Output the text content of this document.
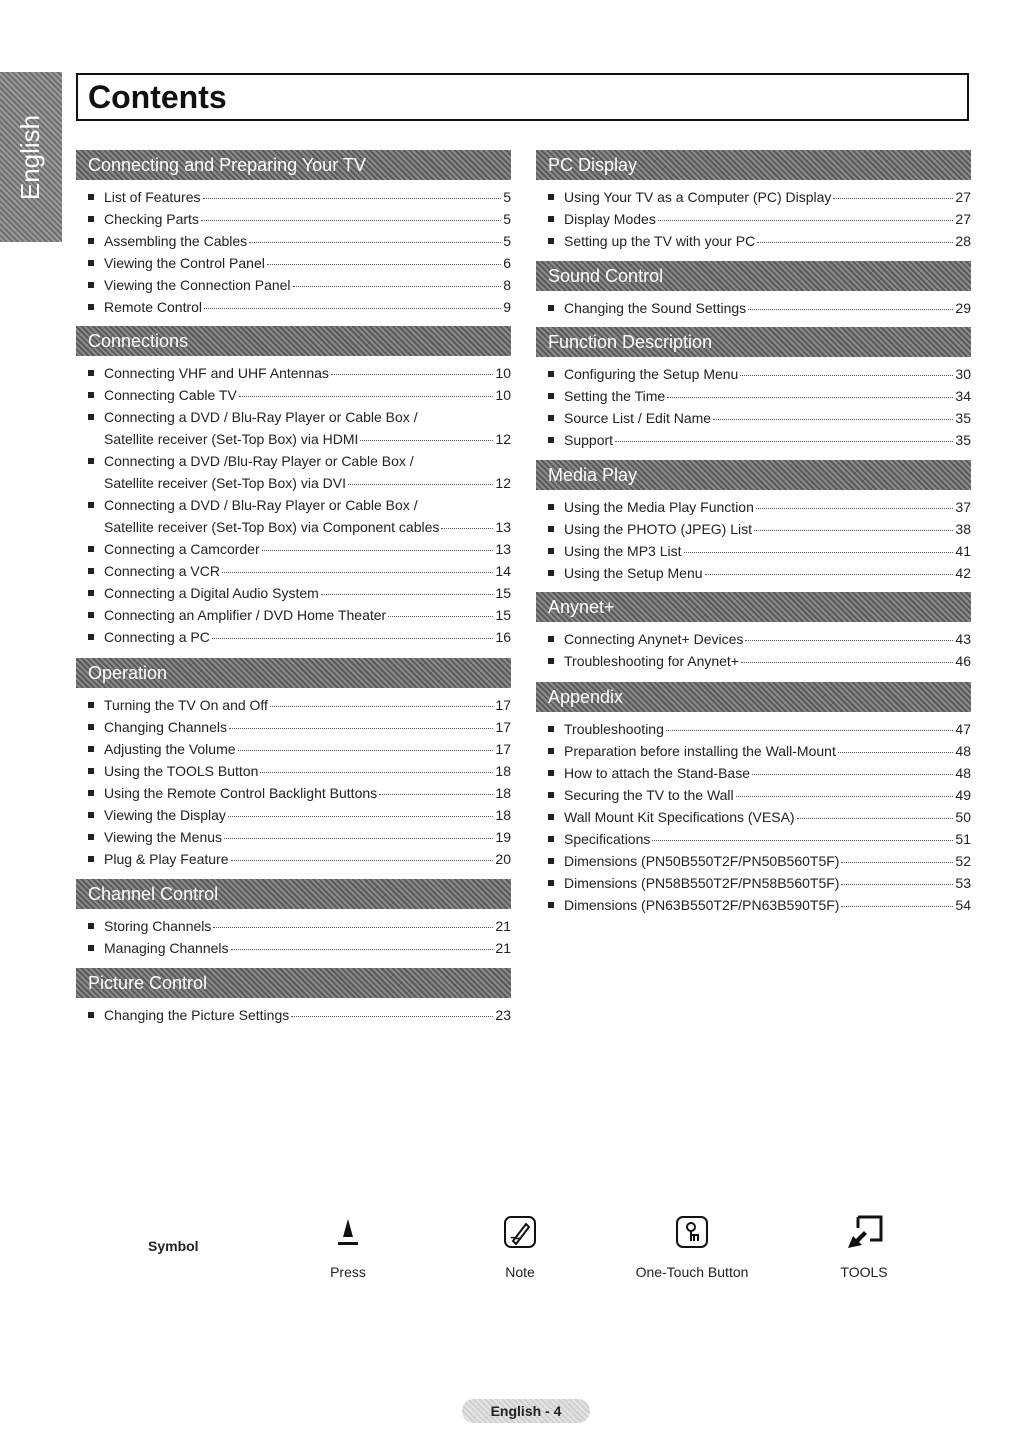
English
Contents
Connecting and Preparing Your TV
List of Features	5
Checking Parts	5
Assembling the Cables	5
Viewing the Control Panel	6
Viewing the Connection Panel	8
Remote Control	9
Connections
Connecting VHF and UHF Antennas	10
Connecting Cable TV	10
Connecting a DVD / Blu-Ray Player or Cable Box /
Satellite receiver (Set-Top Box) via HDMI	12
Connecting a DVD /Blu-Ray Player or Cable Box /
Satellite receiver (Set-Top Box) via DVI	12
Connecting a DVD / Blu-Ray Player or Cable Box /
Satellite receiver (Set-Top Box) via Component cables	13
Connecting a Camcorder	13
Connecting a VCR	14
Connecting a Digital Audio System	15
Connecting an Amplifier / DVD Home Theater	15
Connecting a PC	16
Operation
Turning the TV On and Off	17
Changing Channels	17
Adjusting the Volume	17
Using the TOOLS Button	18
Using the Remote Control Backlight Buttons	18
Viewing the Display	18
Viewing the Menus	19
Plug & Play Feature	20
Channel Control
Storing Channels	21
Managing Channels	21
Picture Control
Changing the Picture Settings	23
PC Display
Using Your TV as a Computer (PC) Display	27
Display Modes	27
Setting up the TV with your PC	28
Sound Control
Changing the Sound Settings	29
Function Description
Configuring the Setup Menu	30
Setting the Time	34
Source List / Edit Name	35
Support	35
Media Play
Using the Media Play Function	37
Using the PHOTO (JPEG) List	38
Using the MP3 List	41
Using the Setup Menu	42
Anynet+
Connecting Anynet+ Devices	43
Troubleshooting for Anynet+	46
Appendix
Troubleshooting	47
Preparation before installing the Wall-Mount	48
How to attach the Stand-Base	48
Securing the TV to the Wall	49
Wall Mount Kit Specifications (VESA)	50
Specifications	51
Dimensions (PN50B550T2F/PN50B560T5F)	52
Dimensions (PN58B550T2F/PN58B560T5F)	53
Dimensions (PN63B550T2F/PN63B590T5F)	54
Symbol
Press	Note	One-Touch Button	TOOLS
English - 4
